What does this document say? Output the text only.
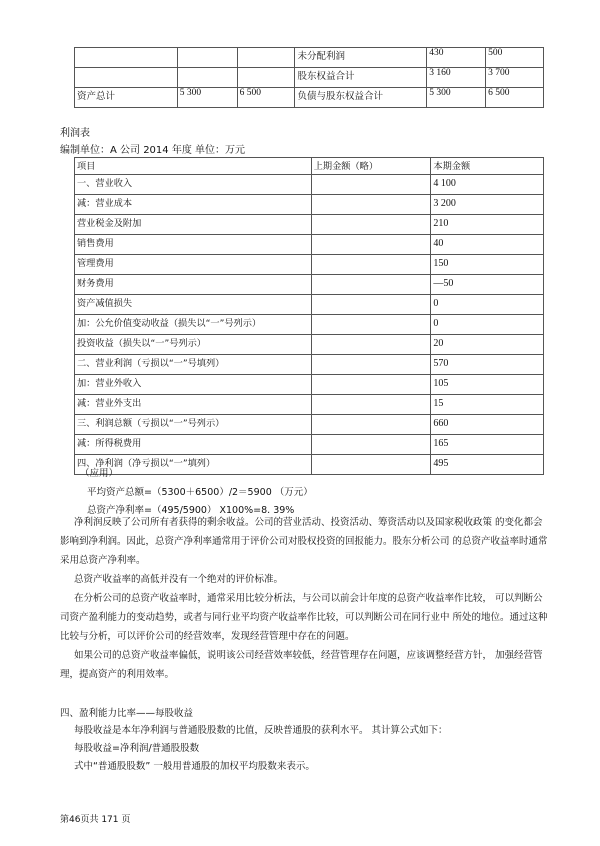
			未分配利润	430	500
			股东权益合计	3 160	3 700
资产总计	5 300	6 500	负债与股东权益合计	5 300	6 500
利润表
编制单位：A 公司 2014 年度 单位：万元
项目	上期金额（略）	本期金额
一、营业收入		4 100
减：营业成本		3 200
营业税金及附加		210
销售费用		40
管理费用		150
财务费用		—50
资产减值损失		0
加：公允价值变动收益（损失以“一”号列示）		0
投资收益（损失以“一”号列示）		20
二、营业利润（亏损以“一”号填列）		570
加：营业外收入		105
减：营业外支出		15
三、利润总额（亏损以“一”号列示）		660
减：所得税费用		165
四、净利润（净亏损以“一”填列）		495
（应用）
平均资产总额=（5300＋6500）/2＝5900 （万元）
总资产净利率=（495/5900） X100%=8. 39%
净利润反映了公司所有者获得的剩余收益。公司的营业活动、投资活动、筹资活动以及国家税收政策 的变化都会影响到净利润。因此，总资产净利率通常用于评价公司对股权投资的回报能力。股东分析公司 的总资产收益率时通常采用总资产净利率。
总资产收益率的高低并没有一个绝对的评价标准。
在分析公司的总资产收益率时，通常采用比较分析法，与公司以前会计年度的总资产收益率作比较， 可以判断公司资产盈利能力的变动趋势，或者与同行业平均资产收益率作比较，可以判断公司在同行业中 所处的地位。通过这种比较与分析，可以评价公司的经营效率，发现经营管理中存在的问题。
如果公司的总资产收益率偏低，说明该公司经营效率较低，经营管理存在问题，应该调整经营方针， 加强经营管理，提高资产的利用效率。
四、盈利能力比率——每股收益
每股收益是本年净利润与普通股股数的比值，反映普通股的获利水平。 其计算公式如下：
每股收益=净利润/普通股股数
式中“普通股股数” 一般用普通股的加权平均股数来表示。
第46页共 171 页
